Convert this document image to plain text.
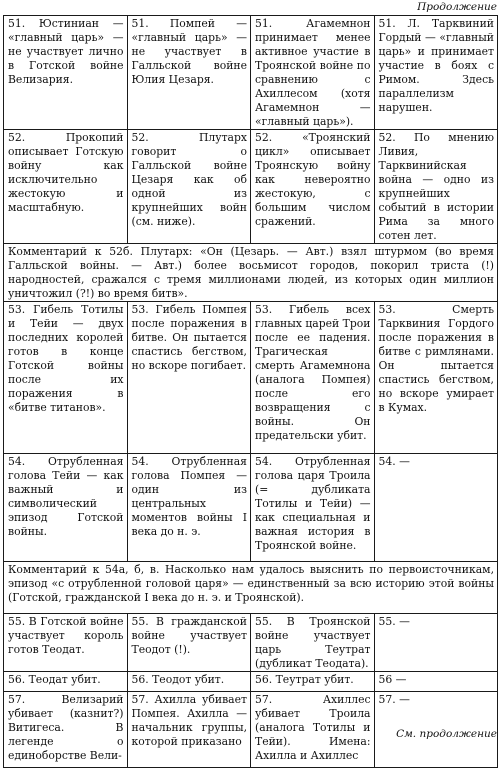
Продолжение
51. Юстиниан — «главный царь» — не участвует лично в Готской войне Велизария.	51. Помпей — «главный царь» — не участвует в Галльской войне Юлия Цезаря.	51. Агамемнон принимает менее активное участие в Троянской войне по сравнению с Ахиллесом (хотя Агамемнон — «главный царь»).	51. Л. Тарквиний Гордый — «главный царь» и принимает участие в боях с Римом. Здесь параллелизм нарушен.
52. Прокопий описывает Готскую войну как исключительно жестокую и масштабную.	52. Плутарх говорит о Галльской войне Цезаря как об одной из крупнейших войн (см. ниже).	52. «Троянский цикл» описывает Троянскую войну как невероятно жестокую, с большим числом сражений.	52. По мнению Ливия, Тарквинийская война — одно из крупнейших событий в истории Рима за много сотен лет.
Комментарий к 52б. Плутарх: «Он (Цезарь. — Авт.) взял штурмом (во время Галльской войны. — Авт.) более восьмисот городов, покорил триста (!) народностей, сражался с тремя миллионами людей, из которых один миллион уничтожил (?!) во время битв».			
53. Гибель Тотилы и Тейи — двух последних королей готов в конце Готской войны после их поражения в «битве титанов».	53. Гибель Помпея после поражения в битве. Он пытается спастись бегством, но вскоре погибает.	53. Гибель всех главных царей Трои после ее падения. Трагическая смерть Агамемнона (аналога Помпея) после его возвращения с войны. Он предательски убит.	53. Смерть Тарквиния Гордого после поражения в битве с римлянами. Он пытается спастись бегством, но вскоре умирает в Кумах.
54. Отрубленная голова Тейи — как важный и символический эпизод Готской войны.	54. Отрубленная голова Помпея — один из центральных моментов войны I века до н. э.	54. Отрубленная голова царя Троила (= дубликата Тотилы и Тейи) — как специальная и важная история в Троянской войне.	54. —
Комментарий к 54а, б, в. Насколько нам удалось выяснить по первоисточникам, эпизод «с отрубленной головой царя» — единственный за всю историю этой войны (Готской, гражданской I века до н. э. и Троянской).			
55. В Готской войне участвует король готов Теодат.	55. В гражданской войне участвует Теодот (!).	55. В Троянской войне участвует царь Теутрат (дубликат Теодата).	55. —
56. Теодат убит.	56. Теодот убит.	56. Теутрат убит.	56 —
57. Велизарий убивает (казнит?) Витигеса. В легенде о единоборстве Вели-	57. Ахилла убивает Помпея. Ахилла — начальник группы, которой приказано	57. Ахиллес убивает Троила (аналога Тотилы и Тейи). Имена: Ахилла и Ахиллес	57. —
См. продолжение
